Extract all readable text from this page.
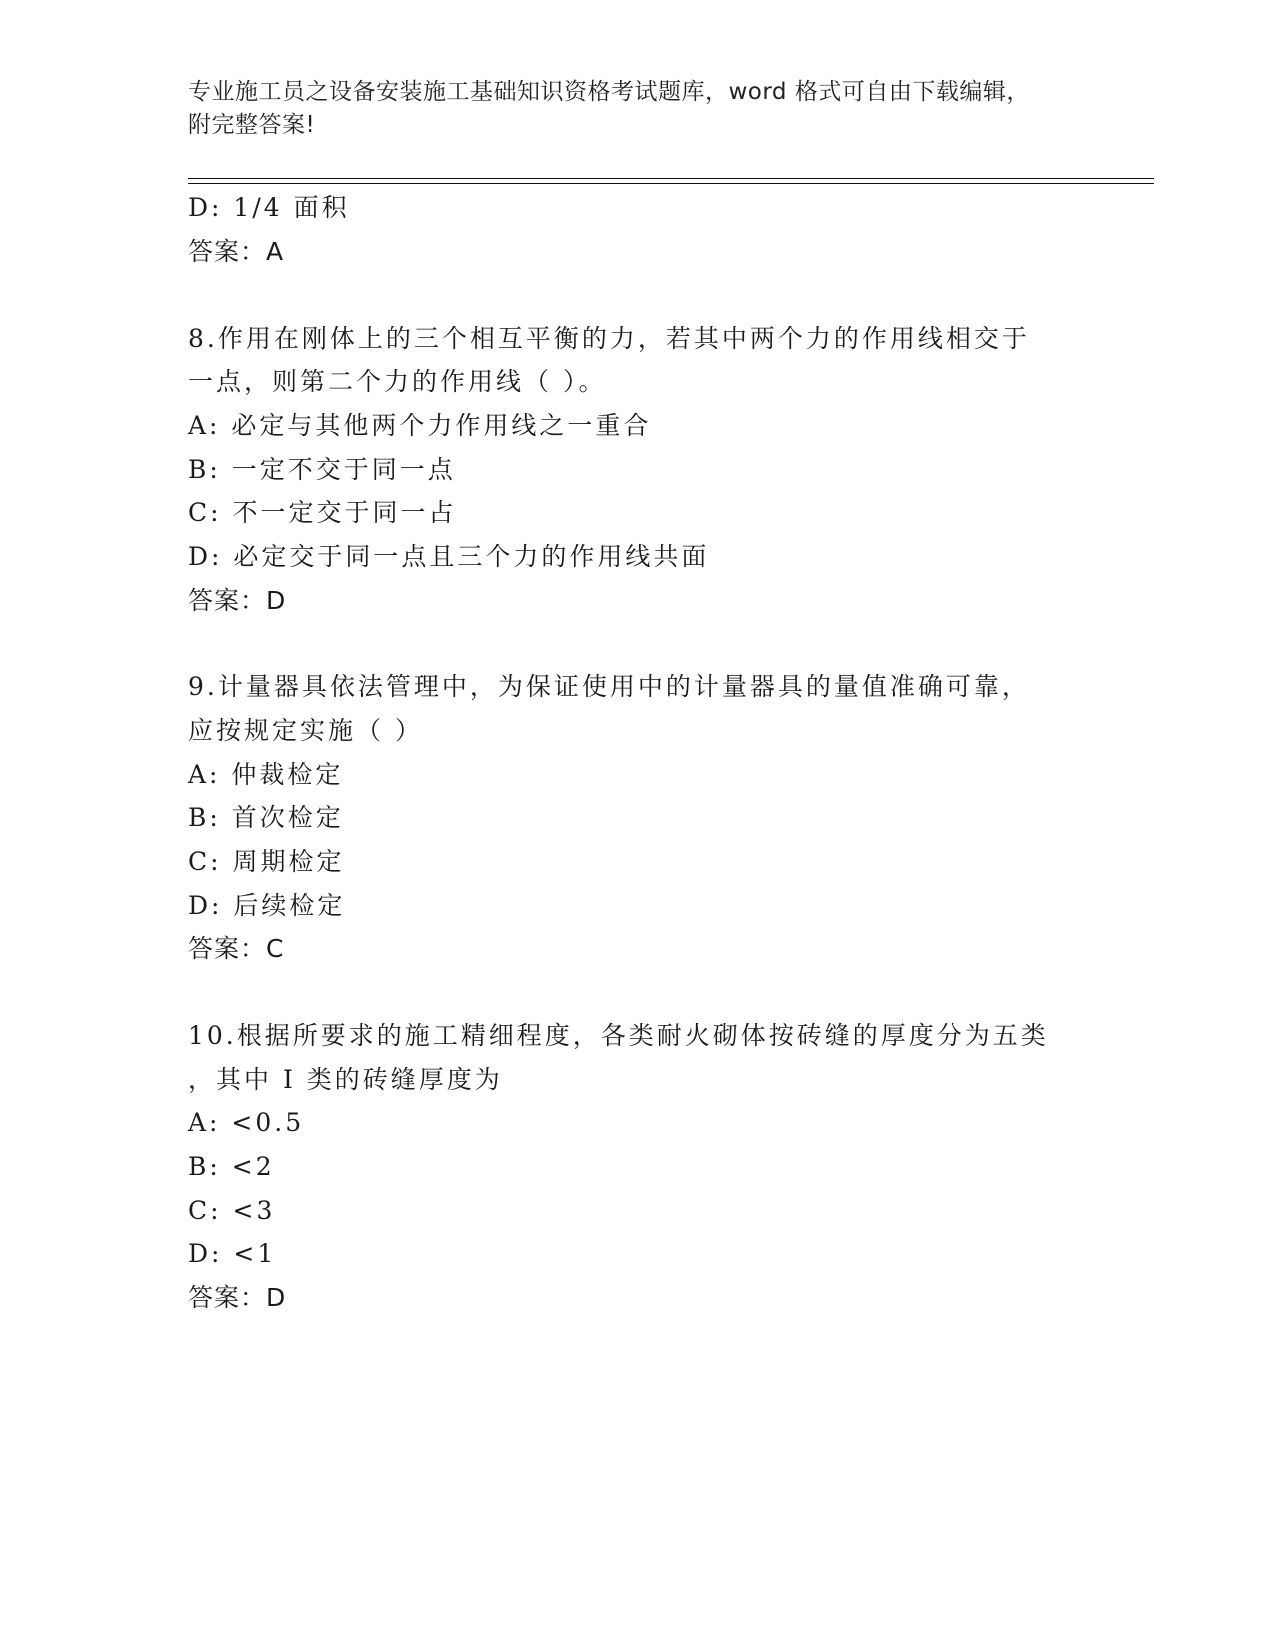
专业施工员之设备安装施工基础知识资格考试题库，word 格式可自由下载编辑，
附完整答案!
D: 1/4 面积
答案：A
8.作用在刚体上的三个相互平衡的力，若其中两个力的作用线相交于
一点，则第二个力的作用线（ ）。
A: 必定与其他两个力作用线之一重合
B: 一定不交于同一点
C: 不一定交于同一占
D: 必定交于同一点且三个力的作用线共面
答案：D
9.计量器具依法管理中，为保证使用中的计量器具的量值准确可靠，
应按规定实施（ ）
A: 仲裁检定
B: 首次检定
C: 周期检定
D: 后续检定
答案：C
10.根据所要求的施工精细程度，各类耐火砌体按砖缝的厚度分为五类
，其中 I 类的砖缝厚度为
A: <0.5
B: <2
C: <3
D: <1
答案：D
